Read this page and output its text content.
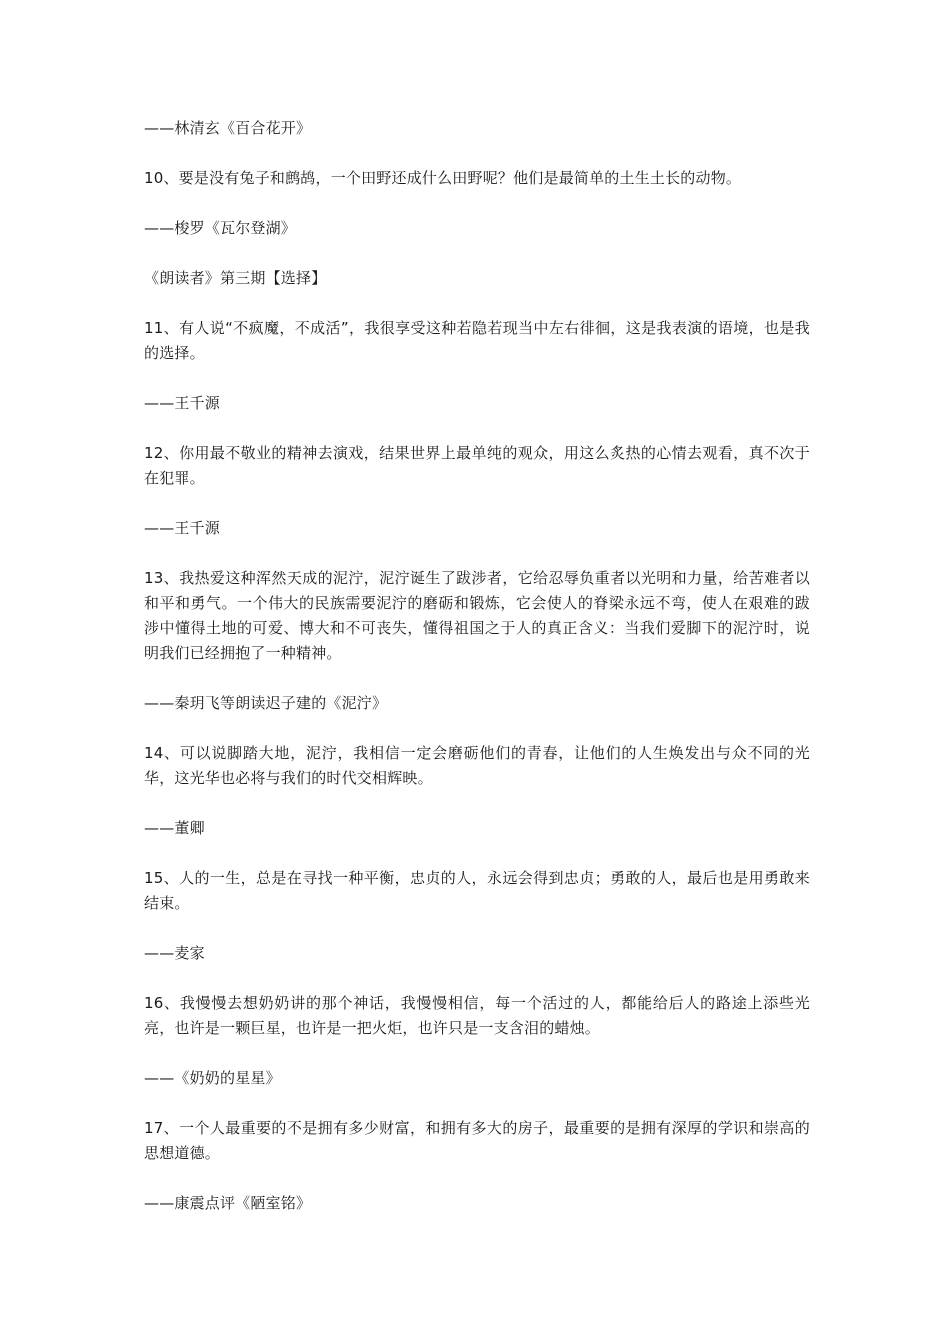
——林清玄《百合花开》

10、要是没有兔子和鹧鸪，一个田野还成什么田野呢？他们是最简单的土生土长的动物。

——梭罗《瓦尔登湖》

《朗读者》第三期【选择】

11、有人说“不疯魔，不成活”，我很享受这种若隐若现当中左右徘徊，这是我表演的语境，也是我的选择。

——王千源

12、你用最不敬业的精神去演戏，结果世界上最单纯的观众，用这么炙热的心情去观看，真不次于在犯罪。

——王千源

13、我热爱这种浑然天成的泥泞，泥泞诞生了跋涉者，它给忍辱负重者以光明和力量，给苦难者以和平和勇气。一个伟大的民族需要泥泞的磨砺和锻炼，它会使人的脊梁永远不弯，使人在艰难的跋涉中懂得土地的可爱、博大和不可丧失，懂得祖国之于人的真正含义：当我们爱脚下的泥泞时，说明我们已经拥抱了一种精神。

——秦玥飞等朗读迟子建的《泥泞》

14、可以说脚踏大地，泥泞，我相信一定会磨砺他们的青春，让他们的人生焕发出与众不同的光华，这光华也必将与我们的时代交相辉映。

——董卿

15、人的一生，总是在寻找一种平衡，忠贞的人，永远会得到忠贞；勇敢的人，最后也是用勇敢来结束。

——麦家

16、我慢慢去想奶奶讲的那个神话，我慢慢相信，每一个活过的人，都能给后人的路途上添些光亮，也许是一颗巨星，也许是一把火炬，也许只是一支含泪的蜡烛。

——《奶奶的星星》

17、一个人最重要的不是拥有多少财富，和拥有多大的房子，最重要的是拥有深厚的学识和崇高的思想道德。

——康震点评《陋室铭》
